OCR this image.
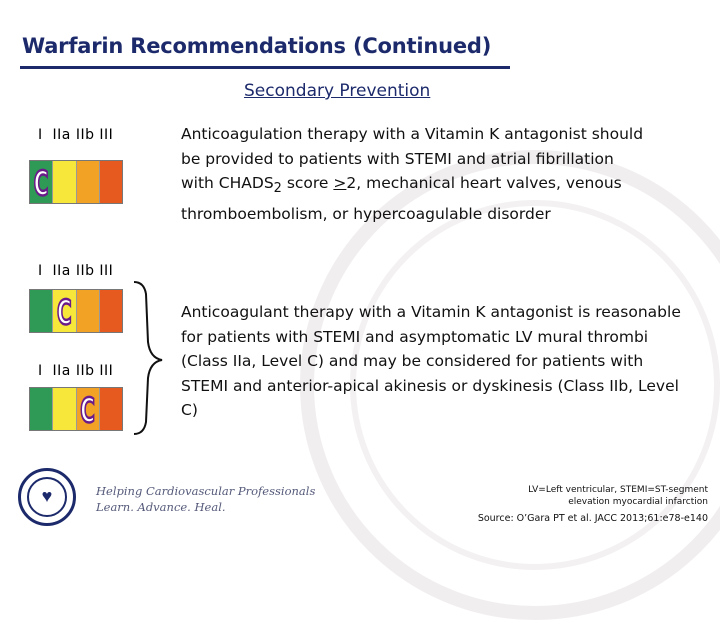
Warfarin Recommendations (Continued)
Secondary Prevention
I  IIa IIb III
C

Anticoagulation therapy with a Vitamin K antagonist should be provided to patients with STEMI and atrial fibrillation with $CHADS_2$ score ≥2, mechanical heart valves, venous thromboembolism, or hypercoagulable disorder

I  IIa IIb III
C
I  IIa IIb III
C

Anticoagulant therapy with a Vitamin K antagonist is reasonable for patients with STEMI and asymptomatic LV mural thrombi (Class IIa, Level C) and may be considered for patients with STEMI and anterior-apical akinesis or dyskinesis (Class IIb, Level C)

LV=Left ventricular, STEMI=ST-segment
elevation myocardial infarction
Source: O’Gara PT et al. JACC 2013;61:e78-e140
♥	Helping Cardiovascular Professionals
Learn. Advance. Heal.
